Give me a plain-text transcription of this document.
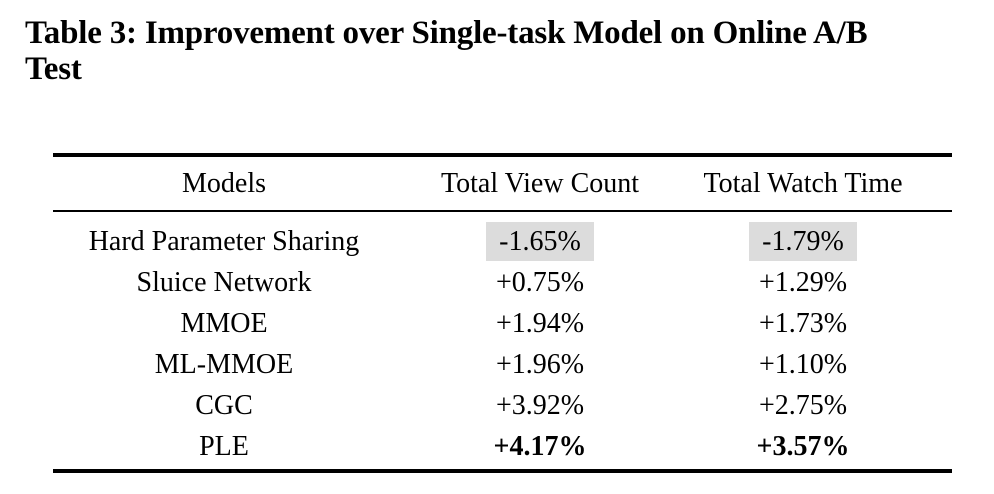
Table 3: Improvement over Single-task Model on Online A/B
Test
Models	Total View Count	Total Watch Time
Hard Parameter Sharing	-1.65%	-1.79%
Sluice Network	+0.75%	+1.29%
MMOE	+1.94%	+1.73%
ML-MMOE	+1.96%	+1.10%
CGC	+3.92%	+2.75%
PLE	+4.17%	+3.57%
